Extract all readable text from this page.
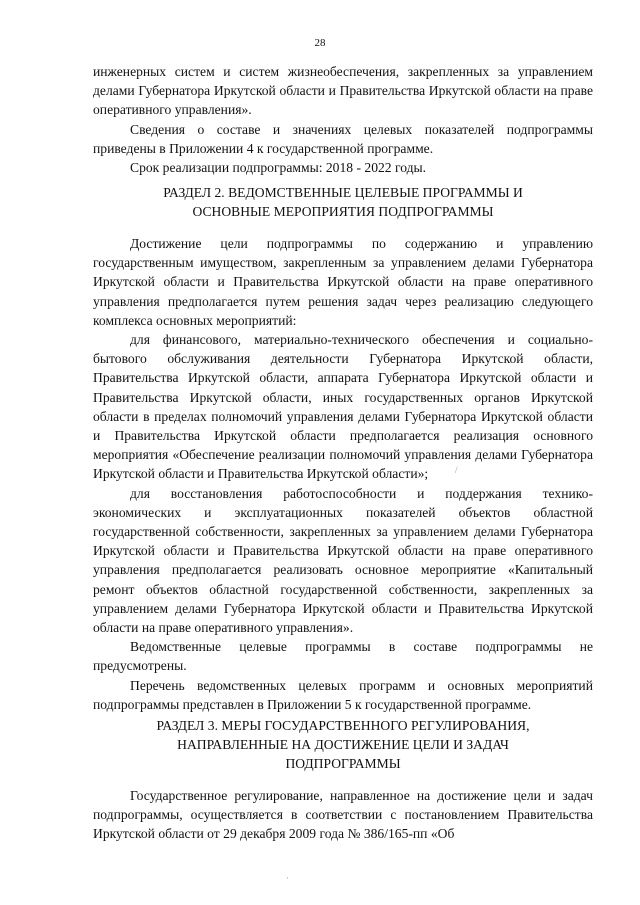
28

инженерных систем и систем жизнеобеспечения, закрепленных за управлением делами Губернатора Иркутской области и Правительства Иркутской области на праве оперативного управления».

Сведения о составе и значениях целевых показателей подпрограммы приведены в Приложении 4 к государственной программе.

Срок реализации подпрограммы: 2018 - 2022 годы.

РАЗДЕЛ 2. ВЕДОМСТВЕННЫЕ ЦЕЛЕВЫЕ ПРОГРАММЫ И

ОСНОВНЫЕ МЕРОПРИЯТИЯ ПОДПРОГРАММЫ

Достижение цели подпрограммы по содержанию и управлению государственным имуществом, закрепленным за управлением делами Губернатора Иркутской области и Правительства Иркутской области на праве оперативного управления предполагается путем решения задач через реализацию следующего комплекса основных мероприятий:

для финансового, материально-технического обеспечения и социально-бытового обслуживания деятельности Губернатора Иркутской области, Правительства Иркутской области, аппарата Губернатора Иркутской области и Правительства Иркутской области, иных государственных органов Иркутской области в пределах полномочий управления делами Губернатора Иркутской области и Правительства Иркутской области предполагается реализация основного мероприятия «Обеспечение реализации полномочий управления делами Губернатора Иркутской области и Правительства Иркутской области»;

для восстановления работоспособности и поддержания технико-экономических и эксплуатационных показателей объектов областной государственной собственности, закрепленных за управлением делами Губернатора Иркутской области и Правительства Иркутской области на праве оперативного управления предполагается реализовать основное мероприятие «Капитальный ремонт объектов областной государственной собственности, закрепленных за управлением делами Губернатора Иркутской области и Правительства Иркутской области на праве оперативного управления».

Ведомственные целевые программы в составе подпрограммы не предусмотрены.

Перечень ведомственных целевых программ и основных мероприятий подпрограммы представлен в Приложении 5 к государственной программе.

РАЗДЕЛ 3. МЕРЫ ГОСУДАРСТВЕННОГО РЕГУЛИРОВАНИЯ,

НАПРАВЛЕННЫЕ НА ДОСТИЖЕНИЕ ЦЕЛИ И ЗАДАЧ

ПОДПРОГРАММЫ

Государственное регулирование, направленное на достижение цели и задач подпрограммы, осуществляется в соответствии с постановлением Правительства Иркутской области от 29 декабря 2009 года № 386/165-пп «Об

/
·
